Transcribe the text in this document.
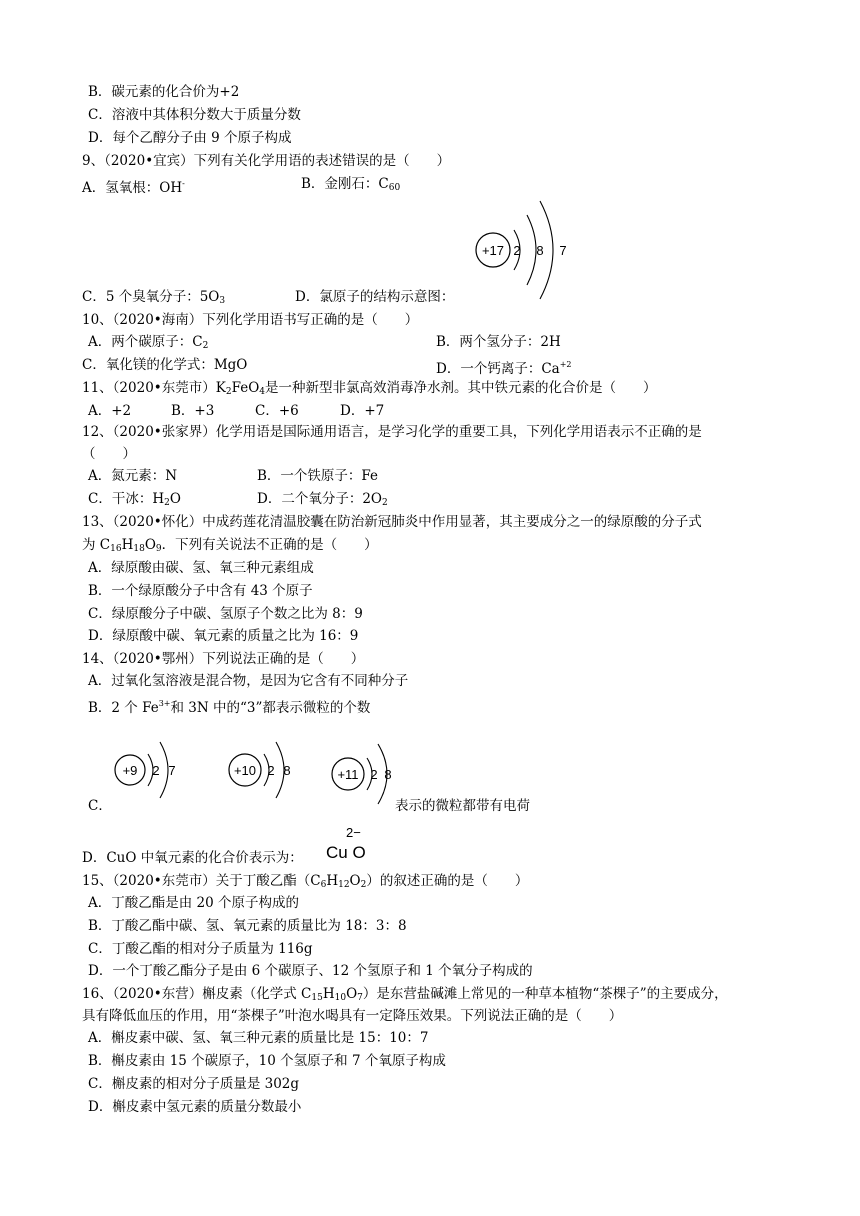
B．碳元素的化合价为+2
C．溶液中其体积分数大于质量分数
D．每个乙醇分子由 9 个原子构成
9、（2020•宜宾）下列有关化学用语的表述错误的是（　　）
A．氢氧根：OH-	B．金刚石：$C_{60}$
+17 2 8 7
C．5 个臭氧分子：$5O_3$	D．氯原子的结构示意图：
10、（2020•海南）下列化学用语书写正确的是（　　）
A．两个碳原子：$C_2$	B．两个氢分子：2H
C．氧化镁的化学式：MgO	D．一个钙离子：$Ca^{+2}$
11、（2020•东莞市）$K_2FeO_4$是一种新型非氯高效消毒净水剂。其中铁元素的化合价是（　　）
A．+2	B．+3	C．+6	D．+7
12、（2020•张家界）化学用语是国际通用语言，是学习化学的重要工具，下列化学用语表示不正确的是
（　　）
A．氮元素：N	B．一个铁原子：Fe
C．干冰：$H_2O$	D．二个氧分子：$2O_2$
13、（2020•怀化）中成药莲花清温胶囊在防治新冠肺炎中作用显著，其主要成分之一的绿原酸的分子式
为 $C_{16}H_{18}O_9$．下列有关说法不正确的是（　　）
A．绿原酸由碳、氢、氧三种元素组成
B．一个绿原酸分子中含有 43 个原子
C．绿原酸分子中碳、氢原子个数之比为 8：9
D．绿原酸中碳、氧元素的质量之比为 16：9
14、（2020•鄂州）下列说法正确的是（　　）
A．过氧化氢溶液是混合物，是因为它含有不同种分子
B．2 个 $Fe^{3+}$和 3N 中的“3”都表示微粒的个数
+9 2 7	+10 2 8	+11 2 8
C．	表示的微粒都带有电荷
D．CuO 中氧元素的化合价表示为：
2−
Cu O
15、（2020•东莞市）关于丁酸乙酯$(C_6H_{12}O_2)$的叙述正确的是（　　）
A．丁酸乙酯是由 20 个原子构成的
B．丁酸乙酯中碳、氢、氧元素的质量比为 18：3：8
C．丁酸乙酯的相对分子质量为 116g
D．一个丁酸乙酯分子是由 6 个碳原子、12 个氢原子和 1 个氧分子构成的
16、（2020•东营）槲皮素（化学式 $C_{15}H_{10}O_7$）是东营盐碱滩上常见的一种草本植物“茶棵子”的主要成分，
具有降低血压的作用，用“茶棵子”叶泡水喝具有一定降压效果。下列说法正确的是（　　）
A．槲皮素中碳、氢、氧三种元素的质量比是 15：10：7
B．槲皮素由 15 个碳原子，10 个氢原子和 7 个氧原子构成
C．槲皮素的相对分子质量是 302g
D．槲皮素中氢元素的质量分数最小
